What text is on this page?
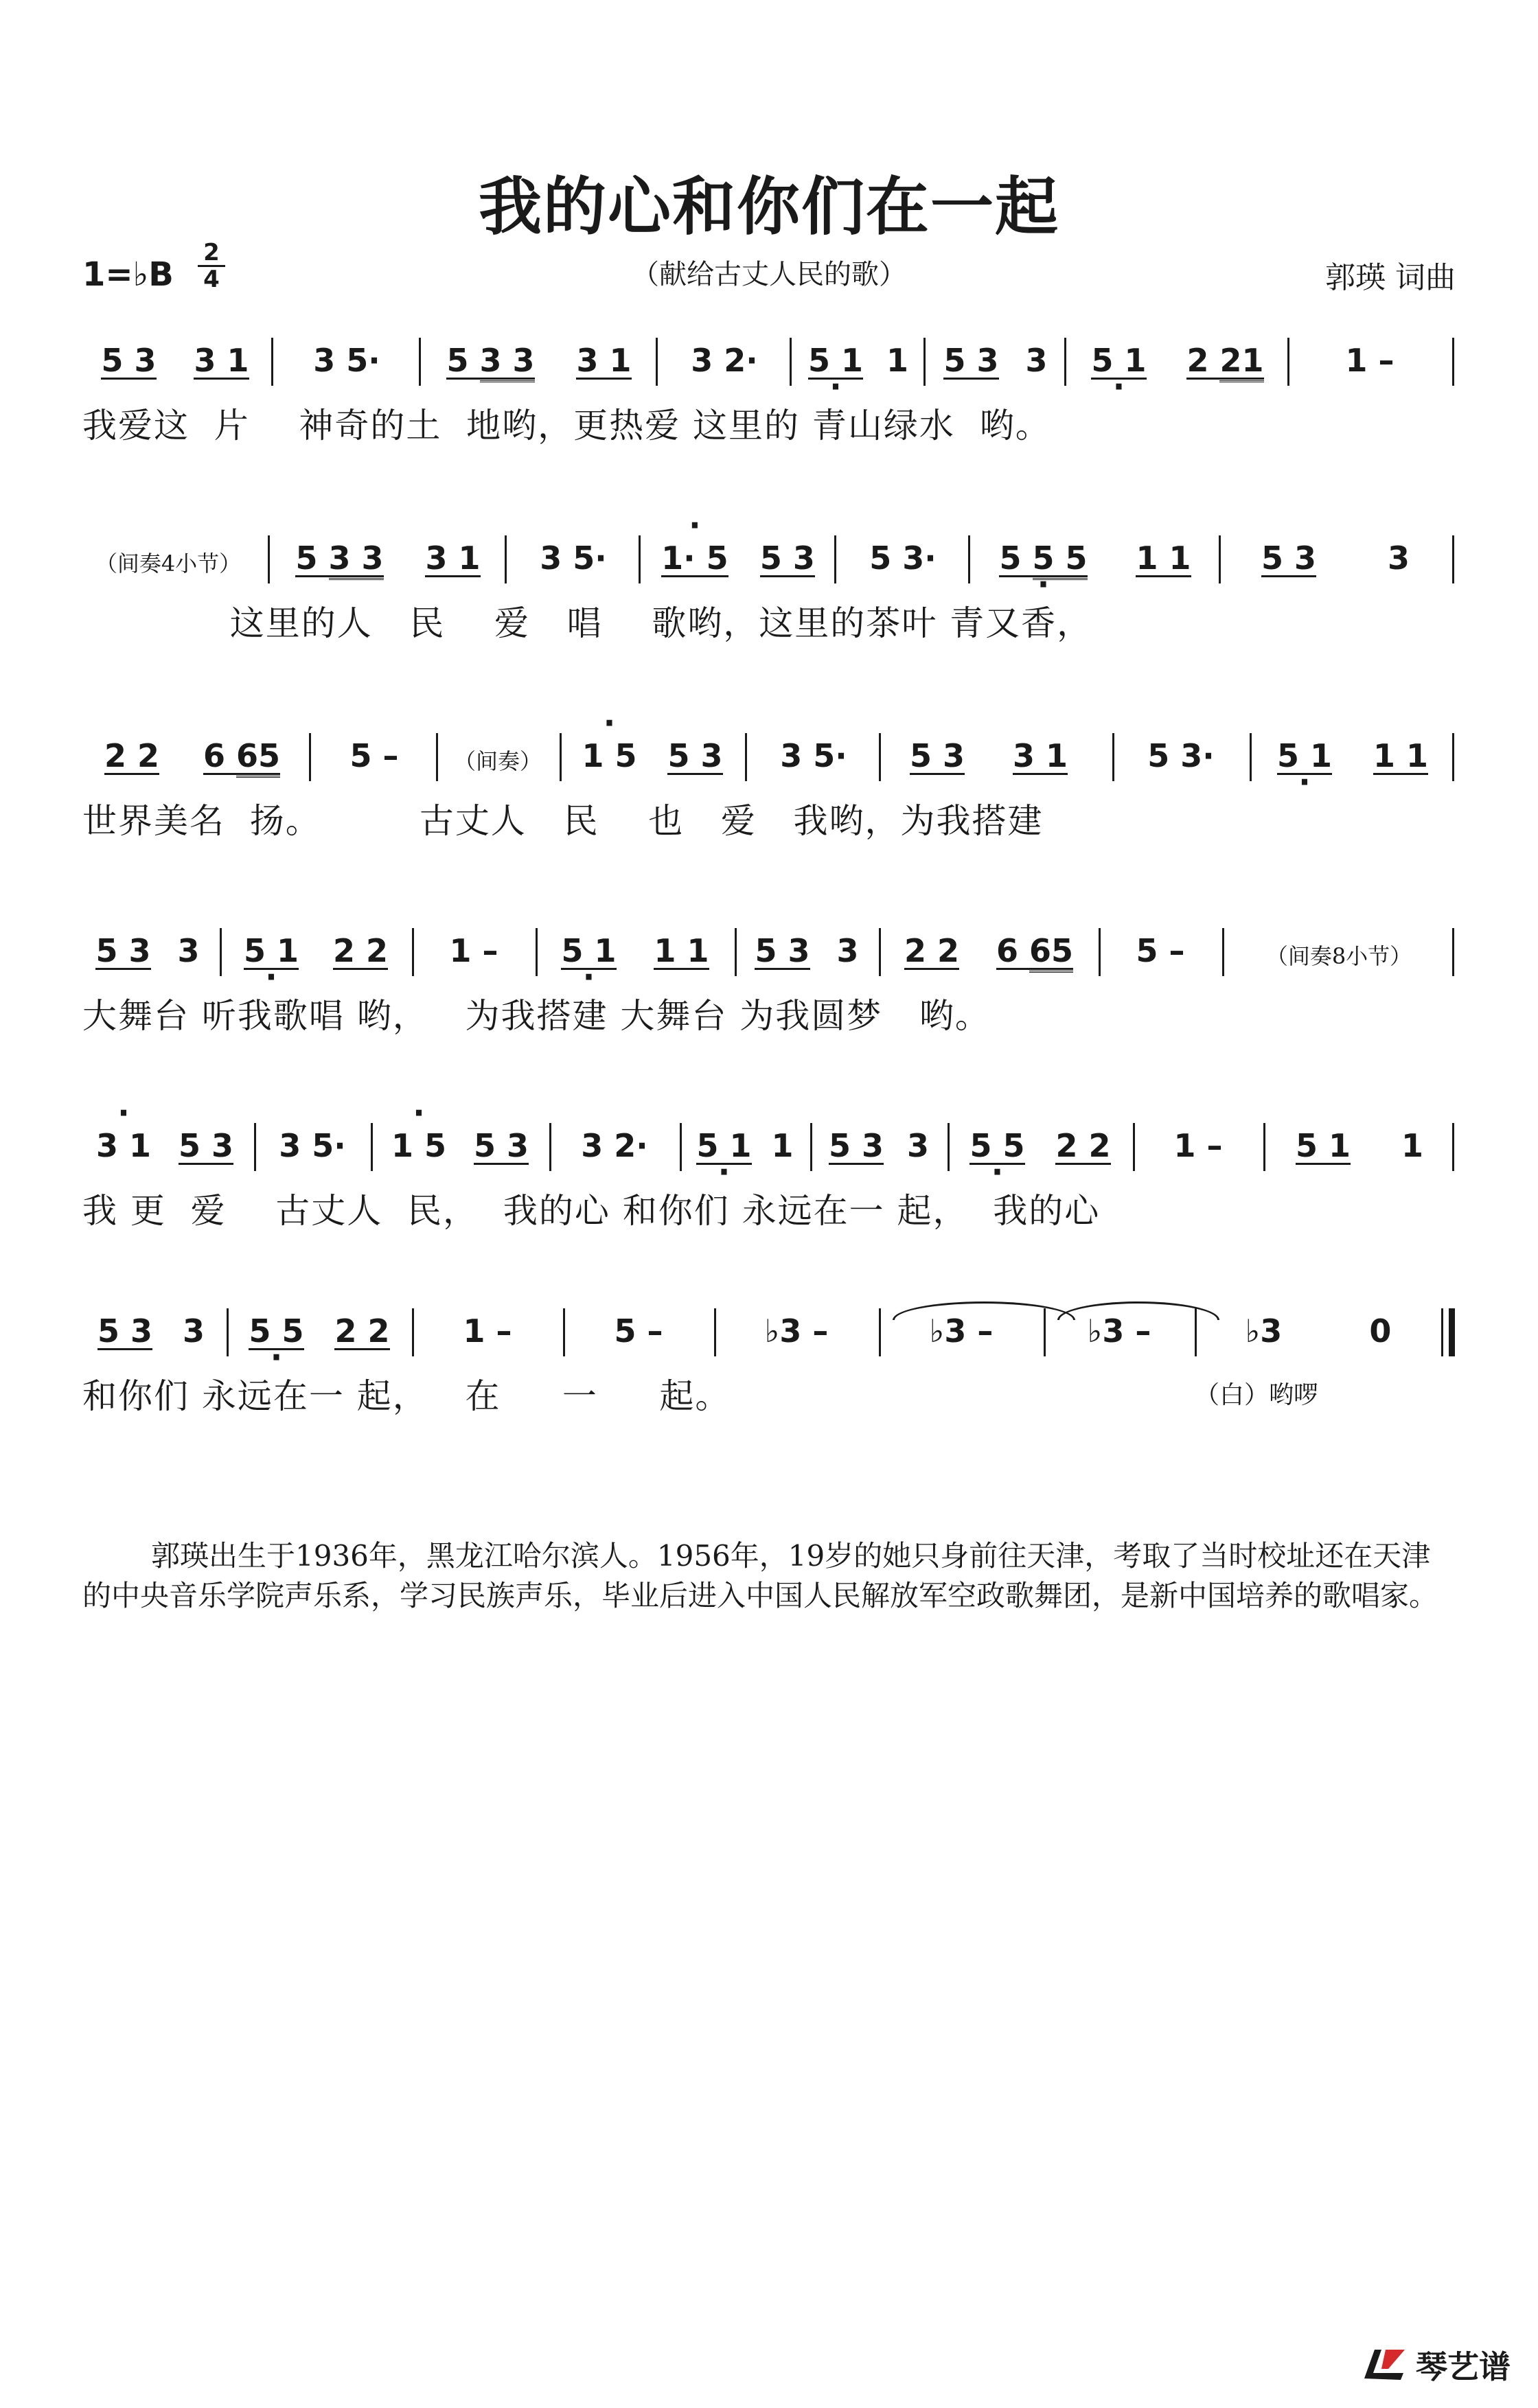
我的心和你们在一起
（献给古丈人民的歌）	郭瑛 词曲
1=♭B
2
4
5 3 3 1 3 5· 5 3 3 3 1 3 2· 5 1 · 1 5 3 3 5 1 · 2 21	1 –
我爱这  片    神奇的土  地哟，更热爱 这里的 青山绿水  哟。
（间奏4小节） 5 3 3 3 1 3 5· · 1· 5 5 3 5 3· 5 5 5 · 1 1 5 3 3
这里的人   民    爱   唱    歌哟，这里的茶叶 青又香，
2 2 6 65 5 –	（间奏） · 1 5 5 3 3 5· 5 3 3 1	5 3· 5 1 · 1 1
世界美名  扬。        古丈人   民    也   爱   我哟，为我搭建
5 3 3 5 1 · 2 2 1 – 5 1 · 1 1 5 3 3 2 2 6 65 5 –	（间奏8小节）
大舞台 听我歌唱 哟，   为我搭建 大舞台 为我圆梦   哟。
· 3 1 5 3 3 5· · 1 5 5 3 3 2· 5 1 · 1 5 3 3 5 5 · 2 2 1 – 5 1 1
我 更  爱    古丈人  民，  我的心 和你们 永远在一 起，  我的心
5 3 3 5 5 · 2 2 1 –	5 –	♭3 –	♭3 –	♭3 –	♭3	0
和你们 永远在一 起，   在     一     起。	（白）哟啰
郭瑛出生于1936年，黑龙江哈尔滨人。1956年，19岁的她只身前往天津，考取了当时校址还在天津的中央音乐学院声乐系，学习民族声乐，毕业后进入中国人民解放军空政歌舞团，是新中国培养的歌唱家。
琴艺谱
